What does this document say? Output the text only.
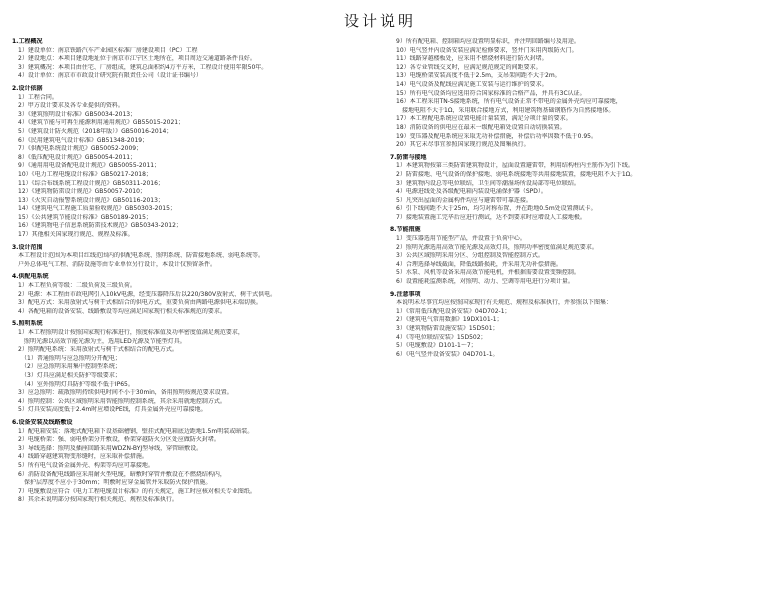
设计说明
1.工程概况
　1）建设单位：南京铁路汽车产业园区标准厂房建设项目（PC）工程
　2）建设地点：本项目建设地址位于南京市江宁区土地所在，项目周边交通道路条件良好。
　3）建筑概况：本项目由住宅、厂房组成，建筑总面积约4万平方米，工程设计使用年限50年。
　4）设计单位：南京市市政设计研究院有限责任公司（设计证书编号）
2.设计依据
　1）工程合同。
　2）甲方设计要求及各专业提供的资料。
　3）《建筑照明设计标准》GB50034-2013；
　4）《建筑节能与可再生能源利用通用规范》GB55015-2021；
　5）《建筑设计防火规范（2018年版）》GB50016-2014；
　6）《民用建筑电气设计标准》GB51348-2019；
　7）《供配电系统设计规范》GB50052-2009；
　8）《低压配电设计规范》GB50054-2011；
　9）《通用用电设备配电设计规范》GB50055-2011；
　10）《电力工程电缆设计标准》GB50217-2018；
　11）《综合布线系统工程设计规范》GB50311-2016；
　12）《建筑物防雷设计规范》GB50057-2010；
　13）《火灾自动报警系统设计规范》GB50116-2013；
　14）《建筑电气工程施工质量验收规范》GB50303-2015；
　15）《公共建筑节能设计标准》GB50189-2015；
　16）《建筑物电子信息系统防雷技术规范》GB50343-2012；
　17）其他相关国家现行规范、规程及标准。
3.设计范围
　本工程设计范围为本项目红线范围内的供配电系统、照明系统、防雷接地系统、弱电系统等。
　户外总体电气工程、消防设施等由专业单位另行设计，本设计仅预留条件。
4.供配电系统
　1）本工程负荷等级：二级负荷及三级负荷。
　2）电源：本工程由市政电网引入10kV电源，经变压器降压后以220/380V放射式、树干式供电。
　3）配电方式：采用放射式与树干式相结合的供电方式，重要负荷由两路电源供电末端切换。
　4）各配电箱的设备安装、线路敷设等均应满足国家现行相关标准规范的要求。
5.照明系统
　1）本工程照明设计按照国家现行标准进行，照度标准值及功率密度值满足规范要求，
　　照明光源以高效节能光源为主，选用LED光源及节能型灯具。
　2）照明配电系统：采用放射式与树干式相结合的配电方式。
　　（1）普通照明与应急照明分开配电；
　　（2）应急照明采用集中控制型系统；
　　（3）灯具应满足相关防护等级要求；
　　（4）室外照明灯具防护等级不低于IP65。
　3）应急照明：疏散照明持续供电时间不小于30min，备用照明按规范要求设置。
　4）照明控制：公共区域照明采用智能照明控制系统，其余采用就地控制方式。
　5）灯具安装高度低于2.4m时应增设PE线，灯具金属外壳应可靠接地。
6.设备安装及线路敷设
　1）配电箱安装：落地式配电箱下设基础槽钢，壁挂式配电箱底边距地1.5m明装或暗装。
　2）电缆桥架：强、弱电桥架分开敷设，桥架穿越防火分区处应做防火封堵。
　3）导线选择：照明及插座回路采用WDZN-BYJ型导线，穿管暗敷设。
　4）线路穿越建筑物变形缝时，应采取补偿措施。
　5）所有电气设备金属外壳、构架等均应可靠接地。
　6）消防设备配电线路应采用耐火型电缆，暗敷时穿管并敷设在不燃烧结构内，
　　保护层厚度不应小于30mm；明敷时应穿金属管并采取防火保护措施。
　7）电缆敷设应符合《电力工程电缆设计标准》的有关规定，施工时应核对相关专业图纸。
　8）其余未说明部分按国家现行相关规范、规程及标准执行。
　9）所有配电箱、控制箱均应设置明显标识，并注明回路编号及用途。
　10）电气竖井内设备安装应满足检修要求，竖井门采用丙级防火门。
　11）线路穿越楼板处，应采用不燃烧材料进行防火封堵。
　12）各专业管线交叉时，应满足规范规定的间距要求。
　13）电缆桥架安装高度不低于2.5m，支吊架间距不大于2m。
　14）电气设备及配线应满足施工安装与运行维护的要求。
　15）所有电气设备均应选用符合国家标准的合格产品，并具有3C认证。
　16）本工程采用TN-S接地系统，所有电气设备正常不带电的金属外壳均应可靠接地，
　　接地电阻不大于1Ω，采用联合接地方式，利用建筑物基础钢筋作为自然接地体。
　17）本工程配电系统应设置电能计量装置，满足分项计量的要求。
　18）消防设备的供电应在最末一级配电箱处设置自动切换装置。
　19）变压器及配电系统应采取无功补偿措施，补偿后功率因数不低于0.95。
　20）其它未尽事宜参照国家现行规范及图集执行。
7.防雷与接地
　1）本建筑物按第三类防雷建筑物设计，屋面设置避雷带，利用结构柱内主筋作为引下线。
　2）防雷接地、电气设备的保护接地、弱电系统接地等共用接地装置，接地电阻不大于1Ω。
　3）建筑物内设总等电位联结，卫生间等潮湿场所设局部等电位联结。
　4）电源进线处及各级配电箱内装设电涌保护器（SPD）。
　5）凡突出屋面的金属构件均应与避雷带可靠连接。
　6）引下线间距不大于25m，均匀对称布置，并在距地0.5m处设置测试卡。
　7）接地装置施工完毕后应进行测试，达不到要求时应增设人工接地极。
8.节能措施
　1）变压器选用节能型产品，并设置于负荷中心。
　2）照明光源选用高效节能光源及高效灯具，照明功率密度值满足规范要求。
　3）公共区域照明采用分区、分组控制及智能控制方式。
　4）合理选择导线截面，降低线路损耗，并采用无功补偿措施。
　5）水泵、风机等设备采用高效节能电机，并根据需要设置变频控制。
　6）设置能耗监测系统，对照明、动力、空调等用电进行分项计量。
9.注意事项
　本说明未尽事宜均应按照国家现行有关规范、规程及标准执行，并参照以下图集：
　1）《常用低压配电设备安装》04D702-1；
　2）《建筑电气常用数据》19DX101-1；
　3）《建筑物防雷设施安装》15D501；
　4）《等电位联结安装》15D502；
　5）《电缆敷设》D101-1～7；
　6）《电气竖井设备安装》04D701-1。
